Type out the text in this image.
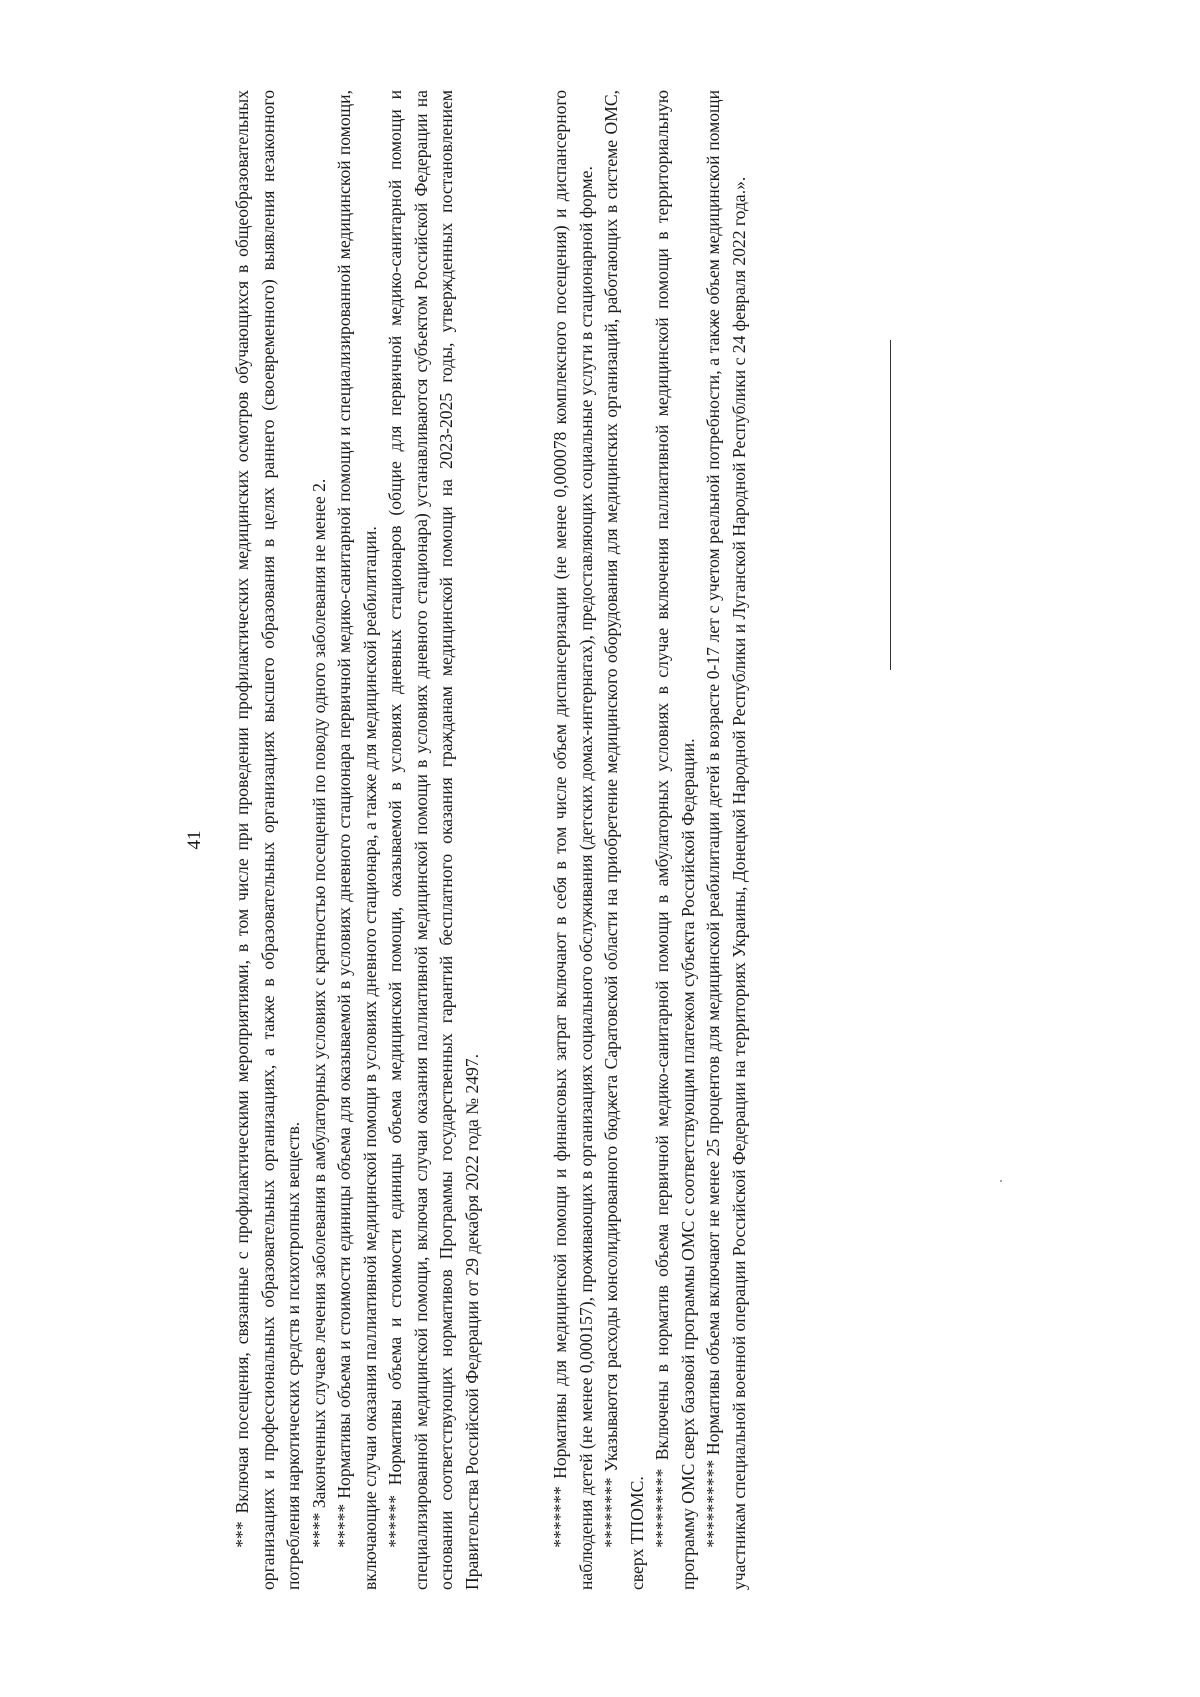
41 *** Включая посещения, связанные с профилактическими мероприятиями, в том числе при проведении профилактических медицинских осмотров обучающихся в общеобразовательных организациях и профессиональных образовательных организациях, а также в образовательных организациях высшего образования в целях раннего (своевременного) выявления незаконного потребления наркотических средств и психотропных веществ. **** Законченных случаев лечения заболевания в амбулаторных условиях с кратностью посещений по поводу одного заболевания не менее 2. ***** Нормативы объема и стоимости единицы объема для оказываемой в условиях дневного стационара первичной медико-санитарной помощи и специализированной медицинской помощи, включающие случаи оказания паллиативной медицинской помощи в условиях дневного стационара, а также для медицинской реабилитации. ****** Нормативы объема и стоимости единицы объема медицинской помощи, оказываемой в условиях дневных стационаров (общие для первичной медико-санитарной помощи и специализированной медицинской помощи, включая случаи оказания паллиативной медицинской помощи в условиях дневного стационара) устанавливаются субъектом Российской Федерации на основании соответствующих нормативов Программы государственных гарантий бесплатного оказания гражданам медицинской помощи на 2023-2025 годы, утвержденных постановлением Правительства Российской Федерации от 29 декабря 2022 года № 2497.	******* Нормативы для медицинской помощи и финансовых затрат включают в себя в том числе объем диспансеризации (не менее 0,000078 комплексного посещения) и диспансерного наблюдения детей (не менее 0,000157), проживающих в организациях социального обслуживания (детских домах-интернатах), предоставляющих социальные услуги в стационарной форме. ******** Указываются расходы консолидированного бюджета Саратовской области на приобретение медицинского оборудования для медицинских организаций, работающих в системе ОМС, сверх ТПОМС. ********* Включены в норматив объема первичной медико-санитарной помощи в амбулаторных условиях в случае включения паллиативной медицинской помощи в территориальную программу ОМС сверх базовой программы ОМС с соответствующим платежом субъекта Российской Федерации. ********** Нормативы объема включают не менее 25 процентов для медицинской реабилитации детей в возрасте 0-17 лет с учетом реальной потребности, а также объем медицинской помощи участникам специальной военной операции Российской Федерации на территориях Украины, Донецкой Народной Республики и Луганской Народной Республики с 24 февраля 2022 года.».
